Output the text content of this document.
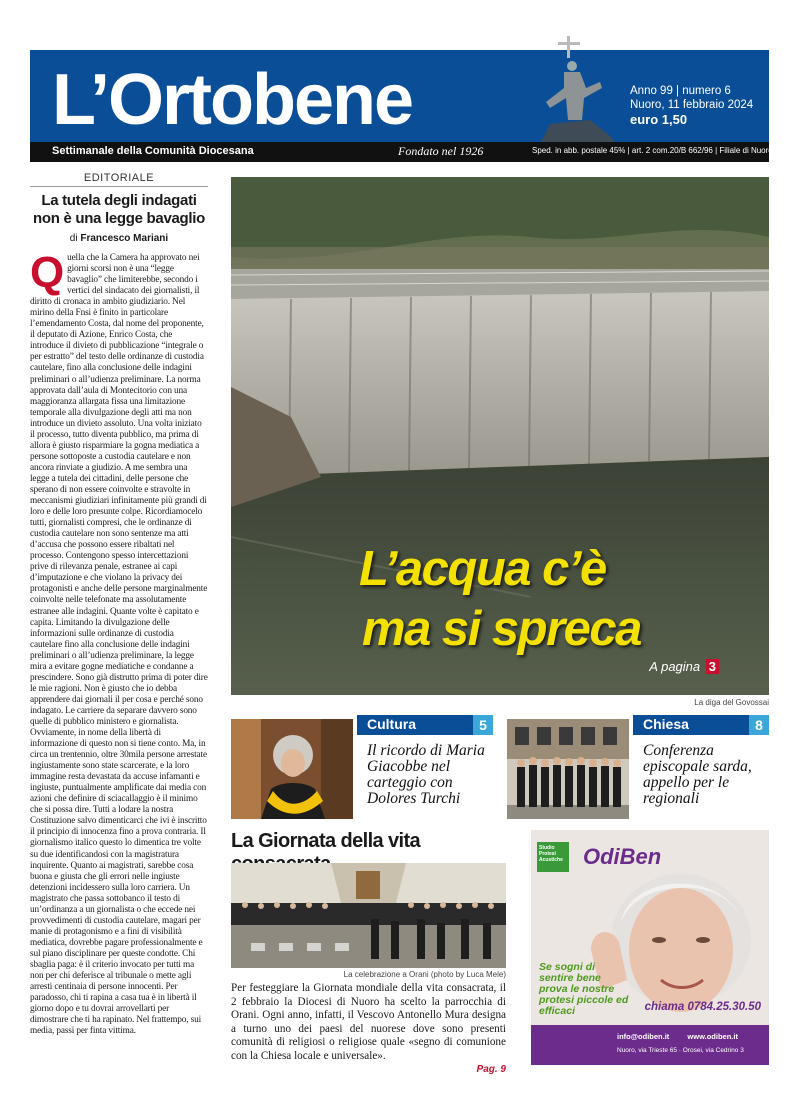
L’Ortobene	Anno 99 | numero 6
Nuoro, 11 febbraio 2024
euro 1,50
Settimanale della Comunità Diocesana	Fondato nel 1926	Sped. in abb. postale 45% | art. 2 com.20/B 662/96 | Filiale di Nuoro
EDITORIALE
La tutela degli indagati non è una legge bavaglio
di Francesco Mariani
Q uella che la Camera ha approvato nei giorni scorsi non è una “legge bavaglio” che limiterebbe, secondo i vertici del sindacato dei giornalisti, il diritto di cronaca in ambito giudiziario. Nel mirino della Fnsi è finito in particolare l’emendamento Costa, dal nome del proponente, il deputato di Azione, Enrico Costa, che introduce il divieto di pubblicazione “integrale o per estratto” del testo delle ordinanze di custodia cautelare, fino alla conclusione delle indagini preliminari o all’udienza preliminare. La norma approvata dall’aula di Montecitorio con una maggioranza allargata fissa una limitazione temporale alla divulgazione degli atti ma non introduce un divieto assoluto. Una volta iniziato il processo, tutto diventa pubblico, ma prima di allora è giusto risparmiare la gogna mediatica a persone sottoposte a custodia cautelare e non ancora rinviate a giudizio. A me sembra una legge a tutela dei cittadini, delle persone che sperano di non essere coinvolte e stravolte in meccanismi giudiziari infinitamente più grandi di loro e delle loro presunte colpe. Ricordiamocelo tutti, giornalisti compresi, che le ordinanze di custodia cautelare non sono sentenze ma atti d’accusa che possono essere ribaltati nel processo. Contengono spesso intercettazioni prive di rilevanza penale, estranee ai capi d’imputazione e che violano la privacy dei protagonisti e anche delle persone marginalmente coinvolte nelle telefonate ma assolutamente estranee alle indagini. Quante volte è capitato e capita. Limitando la divulgazione delle informazioni sulle ordinanze di custodia cautelare fino alla conclusione delle indagini preliminari o all’udienza preliminare, la legge mira a evitare gogne mediatiche e condanne a prescindere. Sono già distrutto prima di poter dire le mie ragioni. Non è giusto che io debba apprendere dai giornali il per cosa e perché sono indagato. Le carriere da separare davvero sono quelle di pubblico ministero e giornalista. Ovviamente, in nome della libertà di informazione di questo non si tiene conto. Ma, in circa un trentennio, oltre 30mila persone arrestate ingiustamente sono state scarcerate, e la loro immagine resta devastata da accuse infamanti e ingiuste, puntualmente amplificate dai media con azioni che definire di sciacallaggio è il minimo che si possa dire. Tutti a lodare la nostra Costituzione salvo dimenticarci che ivi è inscritto il principio di innocenza fino a prova contraria. Il giornalismo italico questo lo dimentica tre volte su due identificandosi con la magistratura inquirente. Quanto ai magistrati, sarebbe cosa buona e giusta che gli errori nelle ingiuste detenzioni incidessero sulla loro carriera. Un magistrato che passa sottobanco il testo di un’ordinanza a un giornalista o che eccede nei provvedimenti di custodia cautelare, magari per manie di protagonismo e a fini di visibilità mediatica, dovrebbe pagare professionalmente e sul piano disciplinare per queste condotte. Chi sbaglia paga: è il criterio invocato per tutti ma non per chi deferisce al tribunale o mette agli arresti centinaia di persone innocenti. Per paradosso, chi ti rapina a casa tua è in libertà il giorno dopo e tu dovrai arrovellarti per dimostrare che ti ha rapinato. Nel frattempo, sui media, passi per finta vittima.
L’acqua c’è
ma si spreca
A pagina 3
La diga del Govossai
Cultura	5
Il ricordo di Maria Giacobbe nel carteggio con Dolores Turchi
Chiesa	8
Conferenza episcopale sarda, appello per le regionali
La Giornata della vita
La celebrazione a Orani (photo by Luca Mele)
Per festeggiare la Giornata mondiale della vita consacrata, il 2 febbraio la Diocesi di Nuoro ha scelto la parrocchia di Orani. Ogni anno, infatti, il Vescovo Antonello Mura designa a turno uno dei paesi del nuorese dove sono presenti comunità di religiosi o religiose quale «segno di comunione con la Chiesa locale e universale».
Pag. 9
Studio Protesi Acustiche OdiBen
Se sogni di sentire bene prova le nostre protesi piccole ed efficaci	chiama 0784.25.30.50
info@odiben.it www.odiben.it
Nuoro, via Trieste 65 · Orosei, via Cedrino 3
